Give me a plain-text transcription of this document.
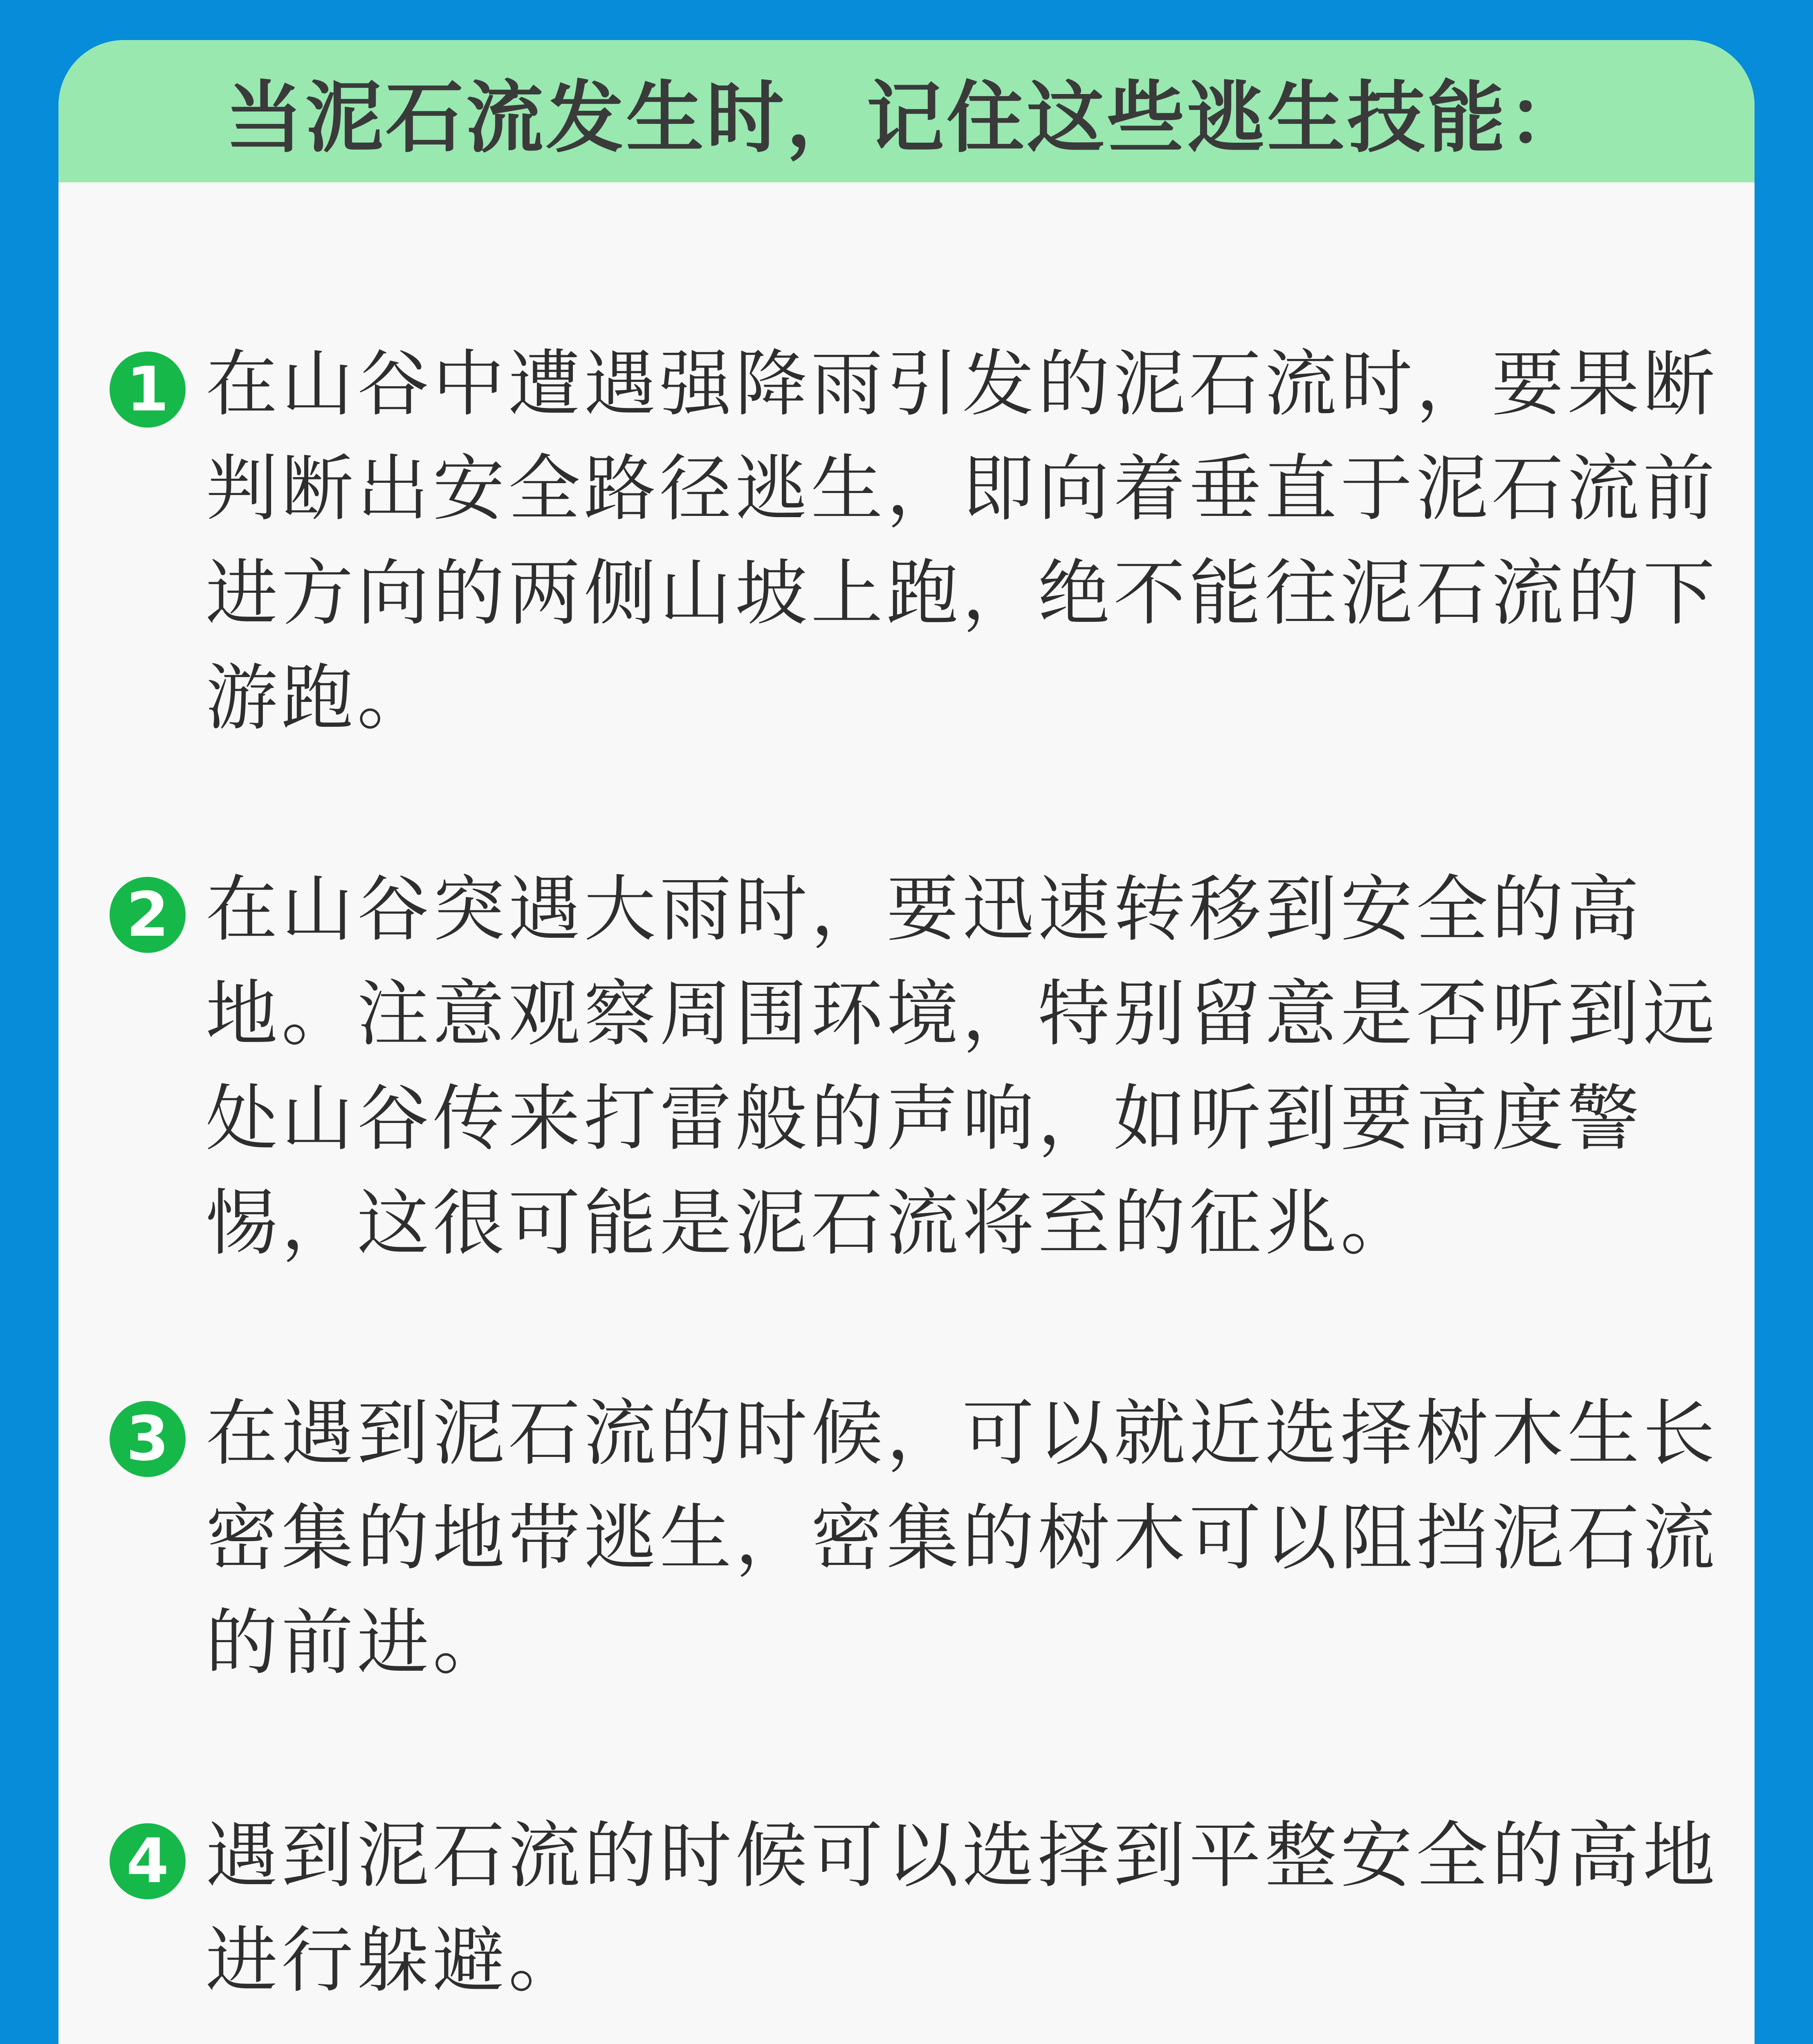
当泥石流发生时，记住这些逃生技能：
1 在山谷中遭遇强降雨引发的泥石流时，要果断判断出安全路径逃生，即向着垂直于泥石流前进方向的两侧山坡上跑，绝不能往泥石流的下游跑。

2 在山谷突遇大雨时，要迅速转移到安全的高地。注意观察周围环境，特别留意是否听到远处山谷传来打雷般的声响，如听到要高度警惕，这很可能是泥石流将至的征兆。

3 在遇到泥石流的时候，可以就近选择树木生长密集的地带逃生，密集的树木可以阻挡泥石流的前进。

4 遇到泥石流的时候可以选择到平整安全的高地进行躲避。
